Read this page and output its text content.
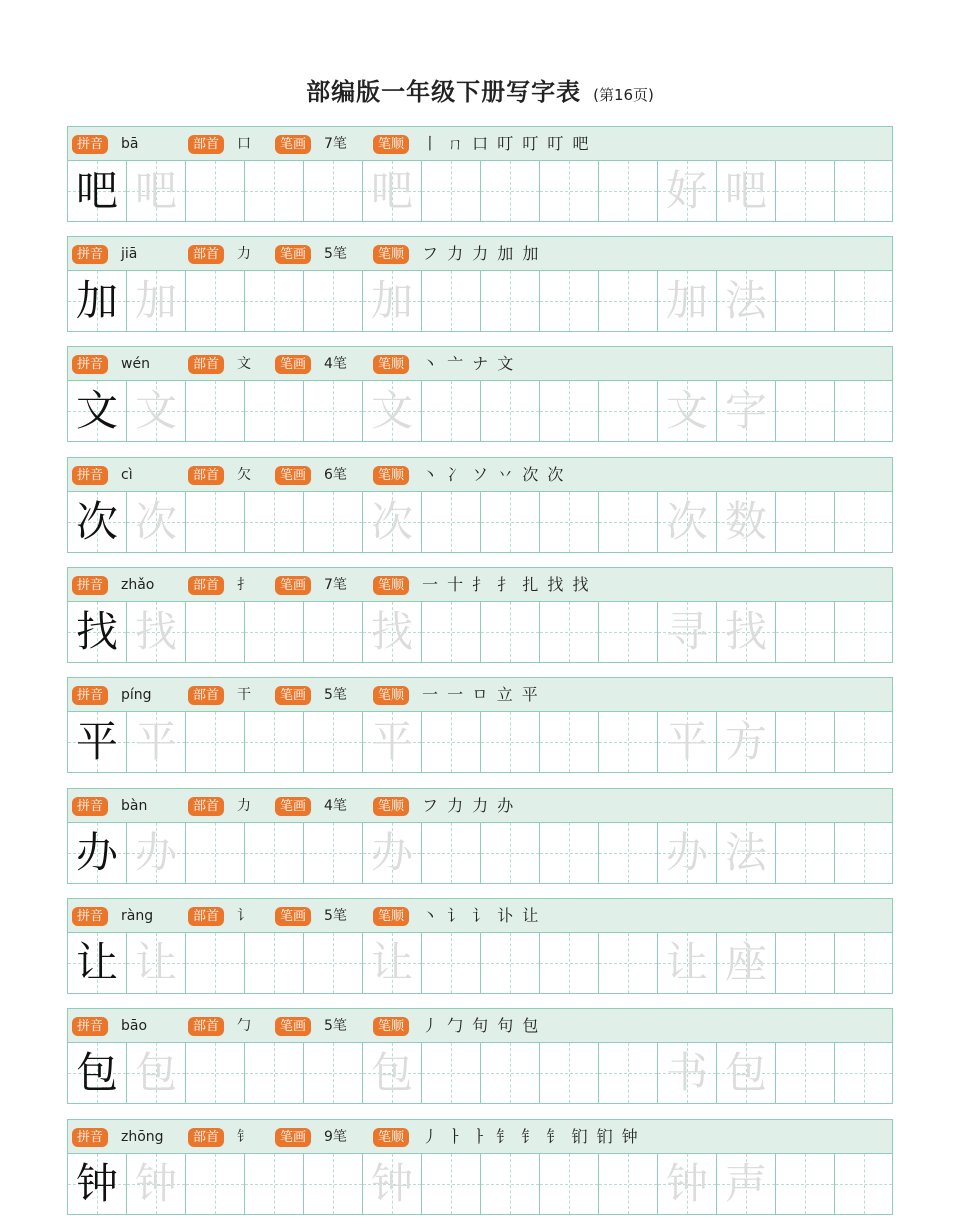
部编版一年级下册写字表 (第16页)
拼音	bā	部首	口	笔画	7笔	笔顺	丨 ㄇ 口 叮 叮 叮 吧
吧 吧	吧	好 吧
拼音	jiā	部首	力	笔画	5笔	笔顺	フ 力 力 加 加
加 加	加	加 法
拼音	wén	部首	文	笔画	4笔	笔顺	丶 亠 ナ 文
文 文	文	文 字
拼音	cì	部首	欠	笔画	6笔	笔顺	丶 冫 ソ 丷 次 次
次 次	次	次 数
拼音	zhǎo	部首	扌	笔画	7笔	笔顺	一 十 扌 扌 扎 找 找
找 找	找	寻 找
拼音	píng	部首	干	笔画	5笔	笔顺	一 一 ㅁ 立 平
平 平	平	平 方
拼音	bàn	部首	力	笔画	4笔	笔顺	フ 力 力 办
办 办	办	办 法
拼音	ràng	部首	讠	笔画	5笔	笔顺	丶 讠 讠 讣 让
让 让	让	让 座
拼音	bāo	部首	勹	笔画	5笔	笔顺	丿 勹 句 句 包
包 包	包	书 包
拼音	zhōng	部首	钅	笔画	9笔	笔顺	丿 ㅏ ㅏ 钅 钅 钅 钔 钔 钟
钟 钟	钟	钟 声
